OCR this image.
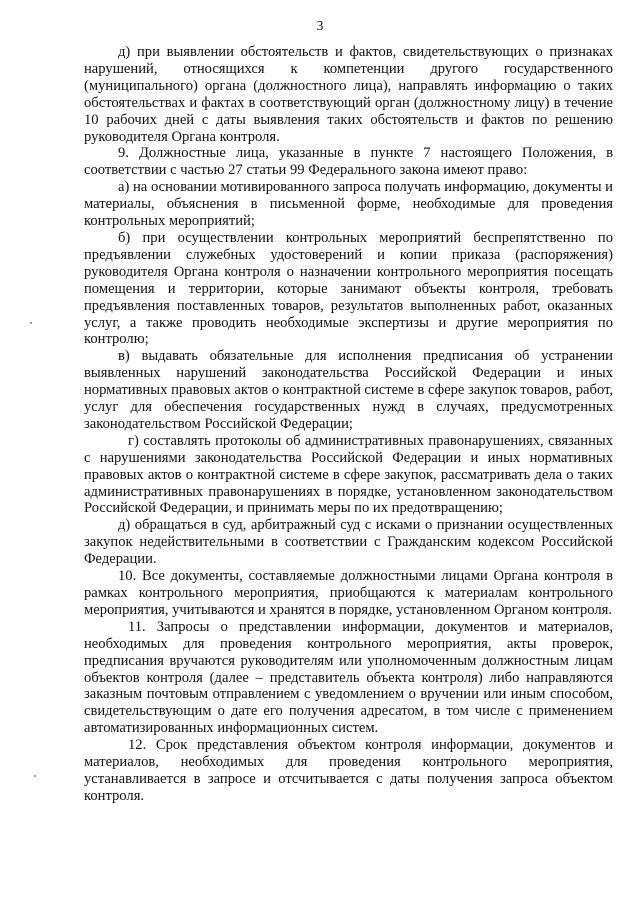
3

д) при выявлении обстоятельств и фактов, свидетельствующих о признаках нарушений, относящихся к компетенции другого государственного (муниципального) органа (должностного лица), направлять информацию о таких обстоятельствах и фактах в соответствующий орган (должностному лицу) в течение 10 рабочих дней с даты выявления таких обстоятельств и фактов по решению руководителя Органа контроля.

9. Должностные лица, указанные в пункте 7 настоящего Положения, в соответствии с частью 27 статьи 99 Федерального закона имеют право:

а) на основании мотивированного запроса получать информацию, документы и материалы, объяснения в письменной форме, необходимые для проведения контрольных мероприятий;

б) при осуществлении контрольных мероприятий беспрепятственно по предъявлении служебных удостоверений и копии приказа (распоряжения) руководителя Органа контроля о назначении контрольного мероприятия посещать помещения и территории, которые занимают объекты контроля, требовать предъявления поставленных товаров, результатов выполненных работ, оказанных услуг, а также проводить необходимые экспертизы и другие мероприятия по контролю;

в) выдавать обязательные для исполнения предписания об устранении выявленных нарушений законодательства Российской Федерации и иных нормативных правовых актов о контрактной системе в сфере закупок товаров, работ, услуг для обеспечения государственных нужд в случаях, предусмотренных законодательством Российской Федерации;

г) составлять протоколы об административных правонарушениях, связанных с нарушениями законодательства Российской Федерации и иных нормативных правовых актов о контрактной системе в сфере закупок, рассматривать дела о таких административных правонарушениях в порядке, установленном законодательством Российской Федерации, и принимать меры по их предотвращению;

д) обращаться в суд, арбитражный суд с исками о признании осуществленных закупок недействительными в соответствии с Гражданским кодексом Российской Федерации.

10. Все документы, составляемые должностными лицами Органа контроля в рамках контрольного мероприятия, приобщаются к материалам контрольного мероприятия, учитываются и хранятся в порядке, установленном Органом контроля.

11. Запросы о представлении информации, документов и материалов, необходимых для проведения контрольного мероприятия, акты проверок, предписания вручаются руководителям или уполномоченным должностным лицам объектов контроля (далее – представитель объекта контроля) либо направляются заказным почтовым отправлением с уведомлением о вручении или иным способом, свидетельствующим о дате его получения адресатом, в том числе с применением автоматизированных информационных систем.

12. Срок представления объектом контроля информации, документов и материалов, необходимых для проведения контрольного мероприятия, устанавливается в запросе и отсчитывается с даты получения запроса объектом контроля.
